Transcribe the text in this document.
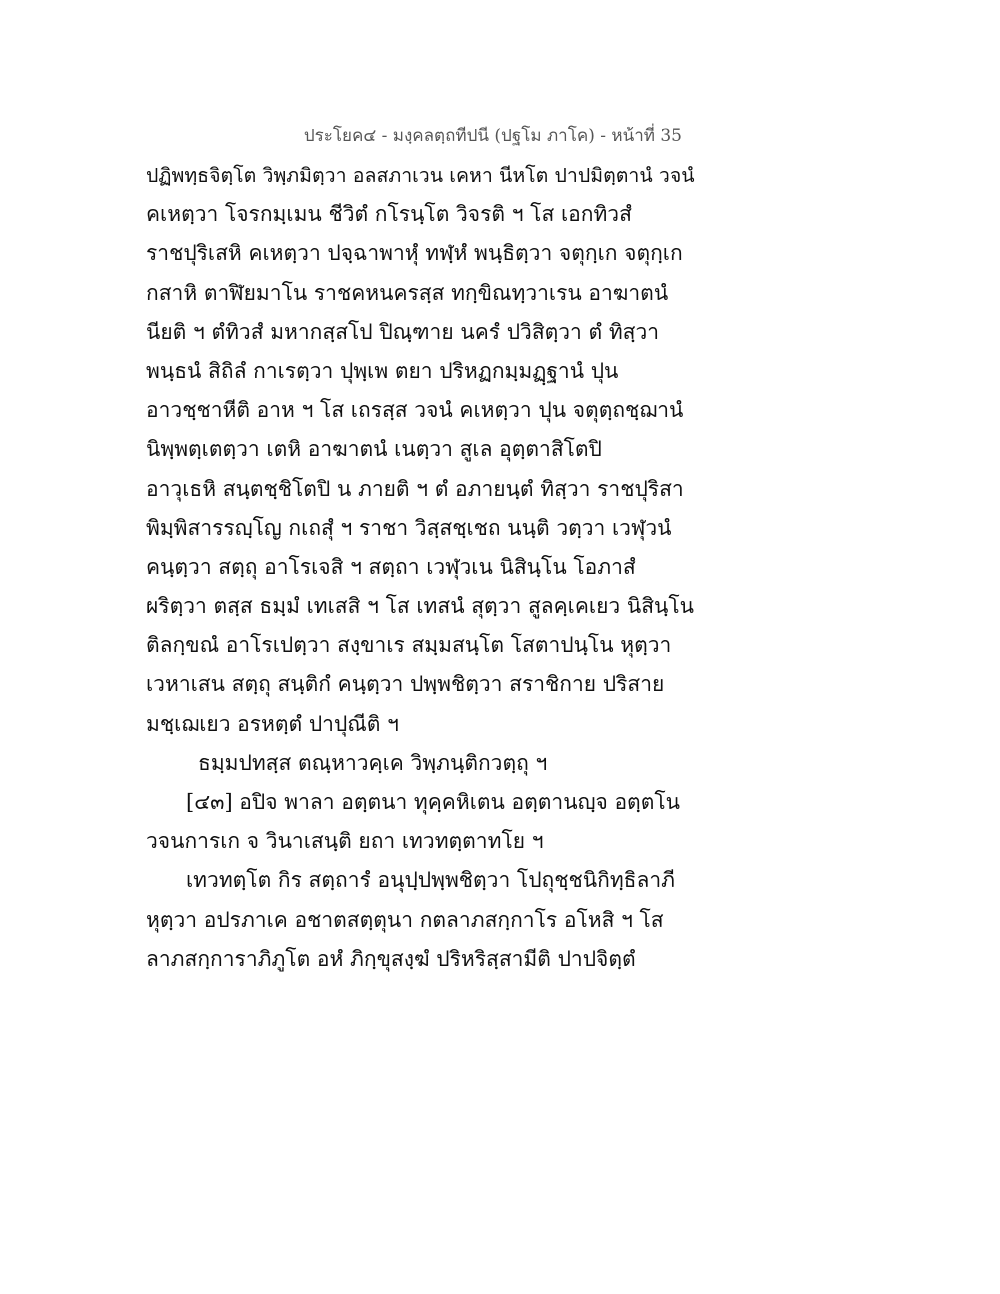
ประโยค๔ - มงฺคลตฺถทีปนี (ปฐโม ภาโค) - หน้าที่ 35
ปฏิพทฺธจิตฺโต วิพฺภมิตฺวา อลสภาเวน เคหา นีหโต ปาปมิตฺตานํ วจนํ
คเหตฺวา โจรกมฺเมน ชีวิตํ กโรนฺโต วิจรติ ฯ โส เอกทิวสํ
ราชปุริเสหิ คเหตฺวา ปจฺฉาพาหุํ ทฬฺหํ พนฺธิตฺวา จตุกฺเก จตุกฺเก
กสาหิ ตาฬิยมาโน ราชคหนครสฺส ทกฺขิณทฺวาเรน อาฆาตนํ
นียติ ฯ ตํทิวสํ มหากสฺสโป ปิณฺฑาย นครํ ปวิสิตฺวา ตํ ทิสฺวา
พนฺธนํ สิถิลํ กาเรตฺวา ปุพฺเพ ตยา ปริหฏกมฺมฏฺฐานํ ปุน
อาวชฺชาหีติ อาห ฯ โส เถรสฺส วจนํ คเหตฺวา ปุน จตุตฺถชฺฌานํ
นิพฺพตฺเตตฺวา เตหิ อาฆาตนํ เนตฺวา สูเล อุตฺตาสิโตปิ
อาวุเธหิ สนฺตชฺชิโตปิ น ภายติ ฯ ตํ อภายนฺตํ ทิสฺวา ราชปุริสา
พิมฺพิสารรญฺโญ กเถสุํ ฯ ราชา วิสฺสชฺเชถ นนฺติ วตฺวา เวฬุวนํ
คนฺตฺวา สตฺถุ อาโรเจสิ ฯ สตฺถา เวฬุวเน นิสินฺโน โอภาสํ
ผริตฺวา ตสฺส ธมฺมํ เทเสสิ ฯ โส เทสนํ สุตฺวา สูลคฺเคเยว นิสินฺโน
ติลกฺขณํ อาโรเปตฺวา สงฺขาเร สมฺมสนฺโต โสตาปนฺโน หุตฺวา
เวหาเสน สตฺถุ สนฺติกํ คนฺตฺวา ปพฺพชิตฺวา สราชิกาย ปริสาย
มชฺเฌเยว อรหตฺตํ ปาปุณีติ ฯ
ธมฺมปทสฺส ตณฺหาวคฺเค วิพฺภนฺติกวตฺถุ ฯ
[๔๓] อปิจ พาลา อตฺตนา ทุคฺคหิเตน อตฺตานญฺจ อตฺตโน
วจนการเก จ วินาเสนฺติ ยถา เทวทตฺตาทโย ฯ
เทวทตฺโต กิร สตฺถารํ อนุปฺปพฺพชิตฺวา โปถุชฺชนิกิทฺธิลาภี
หุตฺวา อปรภาเค อชาตสตฺตุนา กตลาภสกฺกาโร อโหสิ ฯ โส
ลาภสกฺการาภิภูโต อหํ ภิกฺขุสงฺฆํ ปริหริสฺสามีติ ปาปจิตฺตํ
